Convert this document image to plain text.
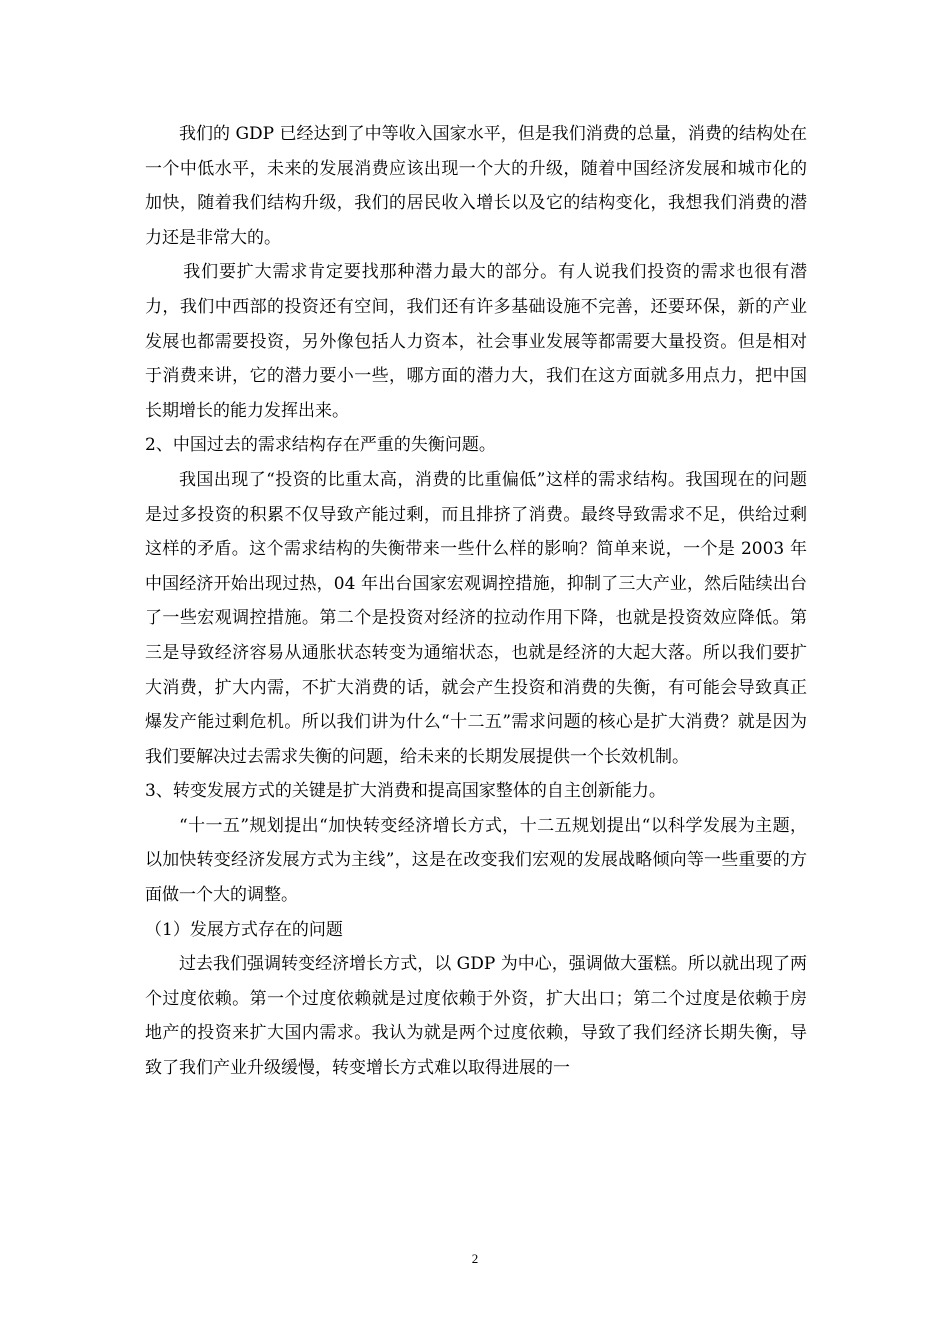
我们的 GDP 已经达到了中等收入国家水平，但是我们消费的总量，消费的结构处在一个中低水平，未来的发展消费应该出现一个大的升级，随着中国经济发展和城市化的加快，随着我们结构升级，我们的居民收入增长以及它的结构变化，我想我们消费的潜力还是非常大的。

我们要扩大需求肯定要找那种潜力最大的部分。有人说我们投资的需求也很有潜力，我们中西部的投资还有空间，我们还有许多基础设施不完善，还要环保，新的产业发展也都需要投资，另外像包括人力资本，社会事业发展等都需要大量投资。但是相对于消费来讲，它的潜力要小一些，哪方面的潜力大，我们在这方面就多用点力，把中国长期增长的能力发挥出来。

2、中国过去的需求结构存在严重的失衡问题。

我国出现了“投资的比重太高，消费的比重偏低”这样的需求结构。我国现在的问题是过多投资的积累不仅导致产能过剩，而且排挤了消费。最终导致需求不足，供给过剩这样的矛盾。这个需求结构的失衡带来一些什么样的影响？简单来说，一个是 2003 年中国经济开始出现过热，04 年出台国家宏观调控措施，抑制了三大产业，然后陆续出台了一些宏观调控措施。第二个是投资对经济的拉动作用下降，也就是投资效应降低。第三是导致经济容易从通胀状态转变为通缩状态，也就是经济的大起大落。所以我们要扩大消费，扩大内需，不扩大消费的话，就会产生投资和消费的失衡，有可能会导致真正爆发产能过剩危机。所以我们讲为什么“十二五”需求问题的核心是扩大消费？就是因为我们要解决过去需求失衡的问题，给未来的长期发展提供一个长效机制。

3、转变发展方式的关键是扩大消费和提高国家整体的自主创新能力。

“十一五”规划提出“加快转变经济增长方式，十二五规划提出“以科学发展为主题，以加快转变经济发展方式为主线”，这是在改变我们宏观的发展战略倾向等一些重要的方面做一个大的调整。

（1）发展方式存在的问题

过去我们强调转变经济增长方式，以 GDP 为中心，强调做大蛋糕。所以就出现了两个过度依赖。第一个过度依赖就是过度依赖于外资，扩大出口；第二个过度是依赖于房地产的投资来扩大国内需求。我认为就是两个过度依赖，导致了我们经济长期失衡，导致了我们产业升级缓慢，转变增长方式难以取得进展的一

2
